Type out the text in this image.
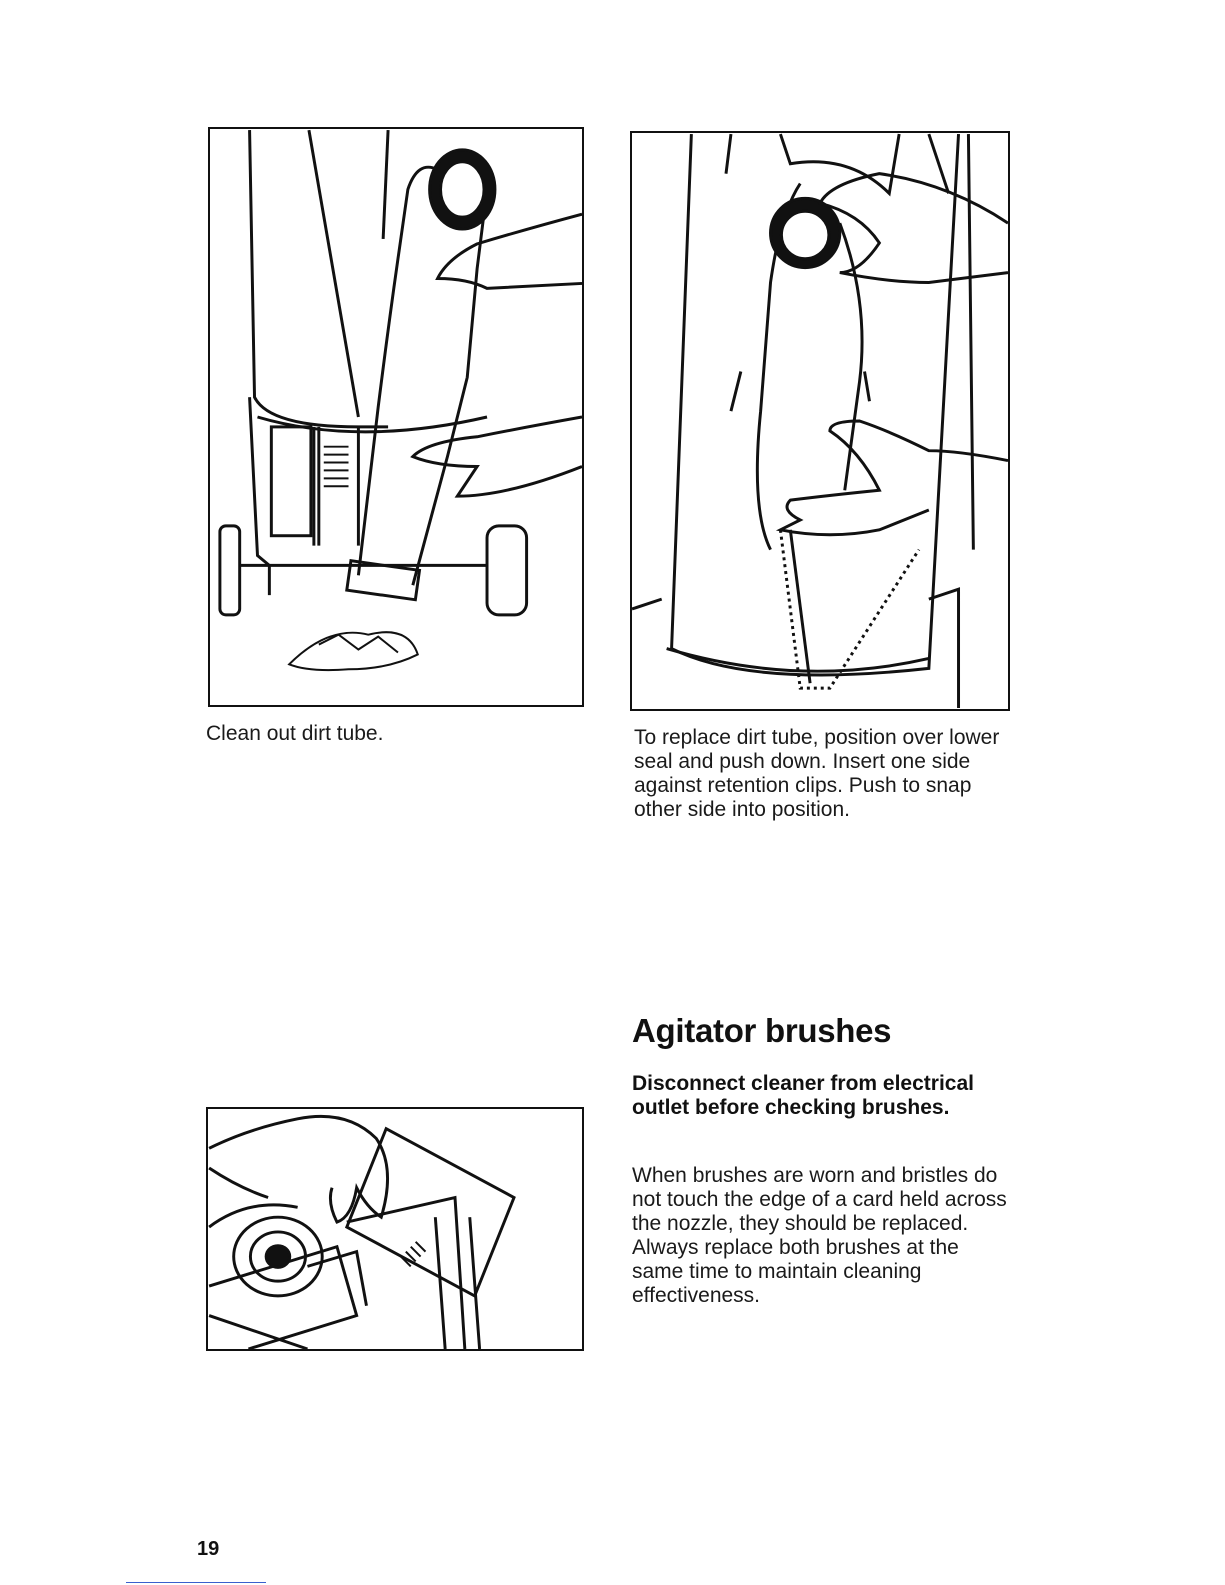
Clean out dirt tube.	To replace dirt tube, position over lower seal and push down. Insert one side against retention clips. Push to snap other side into position.

Agitator brushes

Disconnect cleaner from electrical outlet before checking brushes.

When brushes are worn and bristles do not touch the edge of a card held across the nozzle, they should be replaced. Always replace both brushes at the same time to maintain cleaning effectiveness.

19
